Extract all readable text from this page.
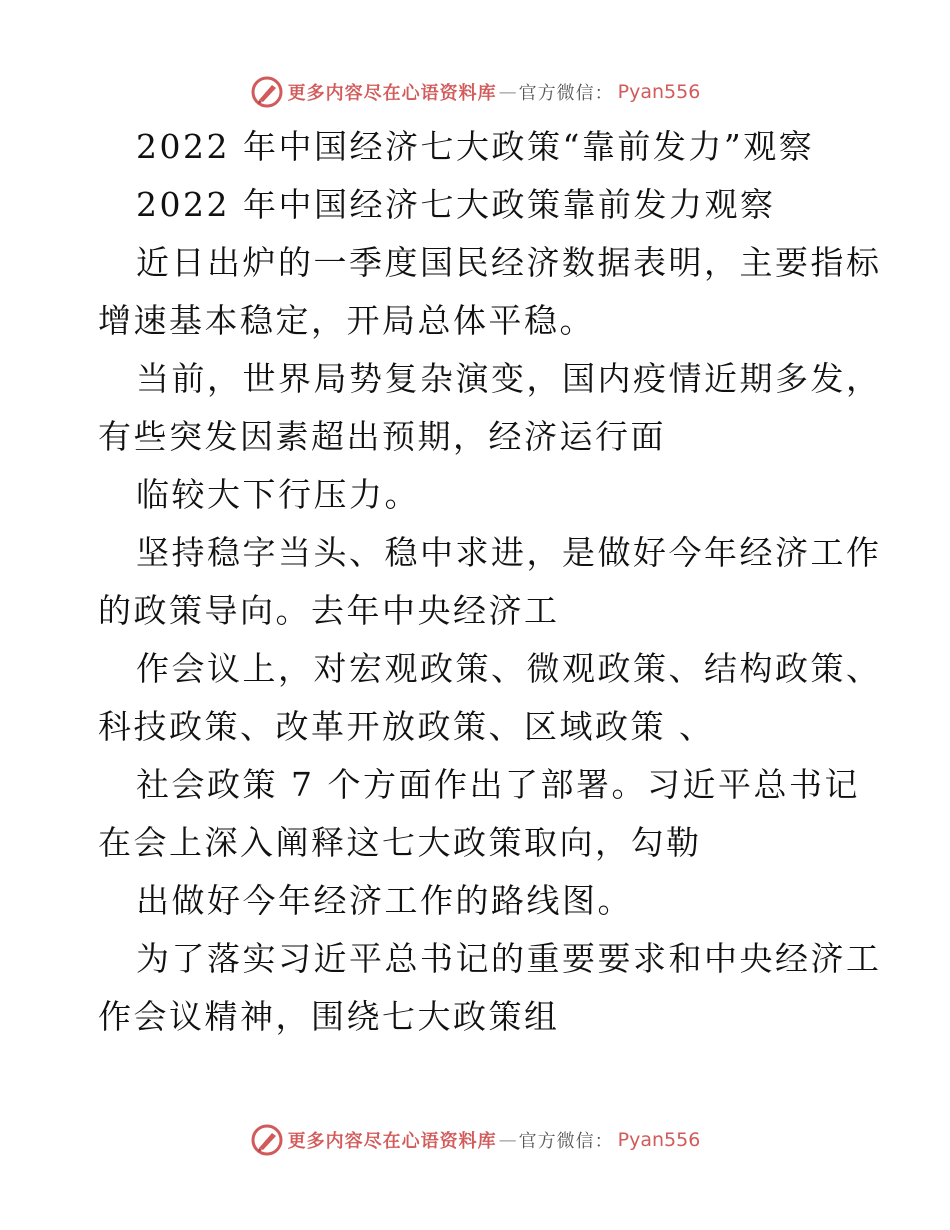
更多内容尽在心语资料库 — 官方微信： Pyan556
2022 年中国经济七大政策“靠前发力”观察
2022 年中国经济七大政策靠前发力观察
近日出炉的一季度国民经济数据表明，主要指标
增速基本稳定，开局总体平稳。
当前，世界局势复杂演变，国内疫情近期多发，
有些突发因素超出预期，经济运行面
临较大下行压力。
坚持稳字当头、稳中求进，是做好今年经济工作
的政策导向。去年中央经济工
作会议上，对宏观政策、微观政策、结构政策、
科技政策、改革开放政策、区域政策 、
社会政策 7 个方面作出了部署。习近平总书记
在会上深入阐释这七大政策取向，勾勒
出做好今年经济工作的路线图。
为了落实习近平总书记的重要要求和中央经济工
作会议精神，围绕七大政策组
更多内容尽在心语资料库 — 官方微信： Pyan556
